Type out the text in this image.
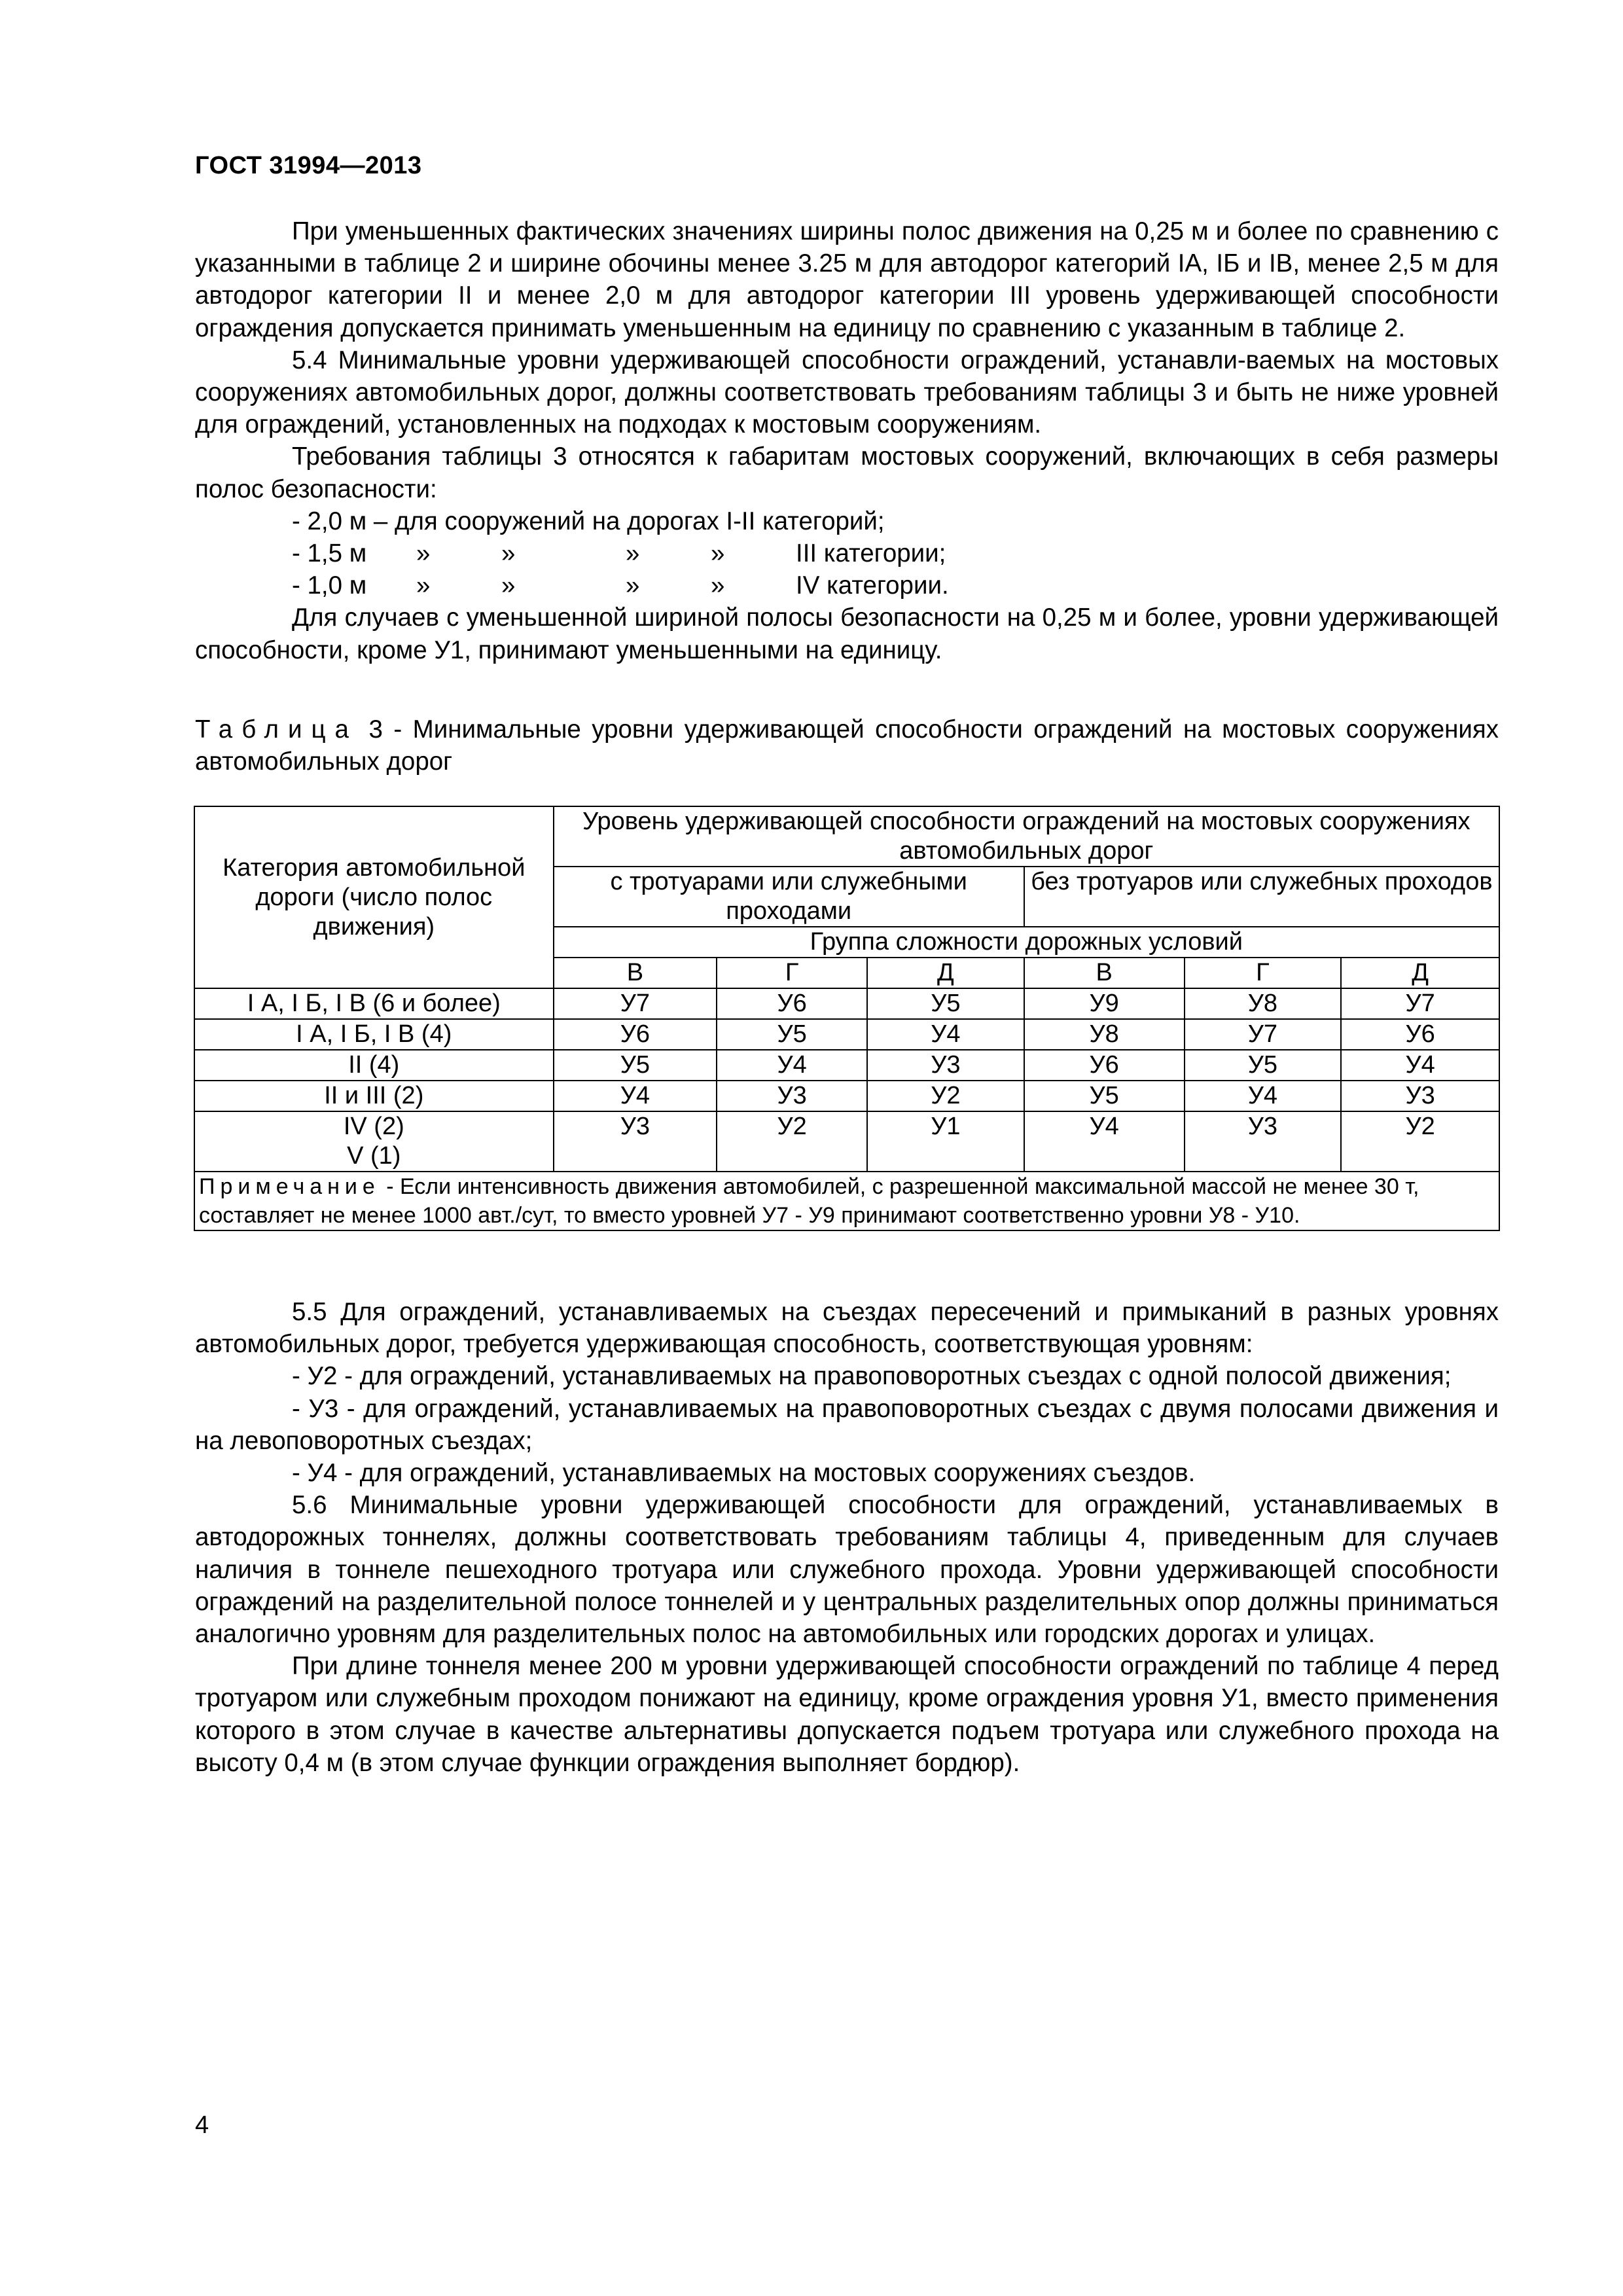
ГОСТ 31994—2013

При уменьшенных фактических значениях ширины полос движения на 0,25 м и более по сравнению с указанными в таблице 2 и ширине обочины менее 3.25 м для автодорог категорий IA, IБ и IB, менее 2,5 м для автодорог категории II и менее 2,0 м для автодорог категории III уровень удерживающей способности ограждения допускается принимать уменьшенным на единицу по сравнению с указанным в таблице 2.

5.4 Минимальные уровни удерживающей способности ограждений, устанавли-ваемых на мостовых сооружениях автомобильных дорог, должны соответствовать требованиям таблицы 3 и быть не ниже уровней для ограждений, установленных на подходах к мостовым сооружениям.

Требования таблицы 3 относятся к габаритам мостовых сооружений, включающих в себя размеры полос безопасности:

- 2,0 м – для сооружений на дорогах I-II категорий;
- 1,5 м	»	»	»	»	III категории;
- 1,0 м	»	»	»	»	IV категории.

Для случаев с уменьшенной шириной полосы безопасности на 0,25 м и более, уровни удерживающей способности, кроме У1, принимают уменьшенными на единицу.

Таблица 3 - Минимальные уровни удерживающей способности ограждений на мостовых сооружениях автомобильных дорог
Категория автомобильной дороги (число полос движения)	Уровень удерживающей способности ограждений на мостовых сооружениях автомобильных дорог					
	с тротуарами или служебными проходами			без тротуаров или служебных проходов		
	Группа сложности дорожных условий					
	В	Г	Д	В	Г	Д
I А, I Б, I В (6 и более)	У7	У6	У5	У9	У8	У7
I А, I Б, I В (4)	У6	У5	У4	У8	У7	У6
II (4)	У5	У4	У3	У6	У5	У4
II и III (2)	У4	У3	У2	У5	У4	У3

IV (2)
V (1)	У3	У2	У1	У4	У3	У2
Примечание - Если интенсивность движения автомобилей, с разрешенной максимальной массой не менее 30 т, составляет не менее 1000 авт./сут, то вместо уровней У7 - У9 принимают соответственно уровни У8 - У10.						

5.5 Для ограждений, устанавливаемых на съездах пересечений и примыканий в разных уровнях автомобильных дорог, требуется удерживающая способность, соответствующая уровням:

- У2 - для ограждений, устанавливаемых на правоповоротных съездах с одной полосой движения;

- У3 - для ограждений, устанавливаемых на правоповоротных съездах с двумя полосами движения и на левоповоротных съездах;

- У4 - для ограждений, устанавливаемых на мостовых сооружениях съездов.

5.6 Минимальные уровни удерживающей способности для ограждений, устанавливаемых в автодорожных тоннелях, должны соответствовать требованиям таблицы 4, приведенным для случаев наличия в тоннеле пешеходного тротуара или служебного прохода. Уровни удерживающей способности ограждений на разделительной полосе тоннелей и у центральных разделительных опор должны приниматься аналогично уровням для разделительных полос на автомобильных или городских дорогах и улицах.

При длине тоннеля менее 200 м уровни удерживающей способности ограждений по таблице 4 перед тротуаром или служебным проходом понижают на единицу, кроме ограждения уровня У1, вместо применения которого в этом случае в качестве альтернативы допускается подъем тротуара или служебного прохода на высоту 0,4 м (в этом случае функции ограждения выполняет бордюр).

4
